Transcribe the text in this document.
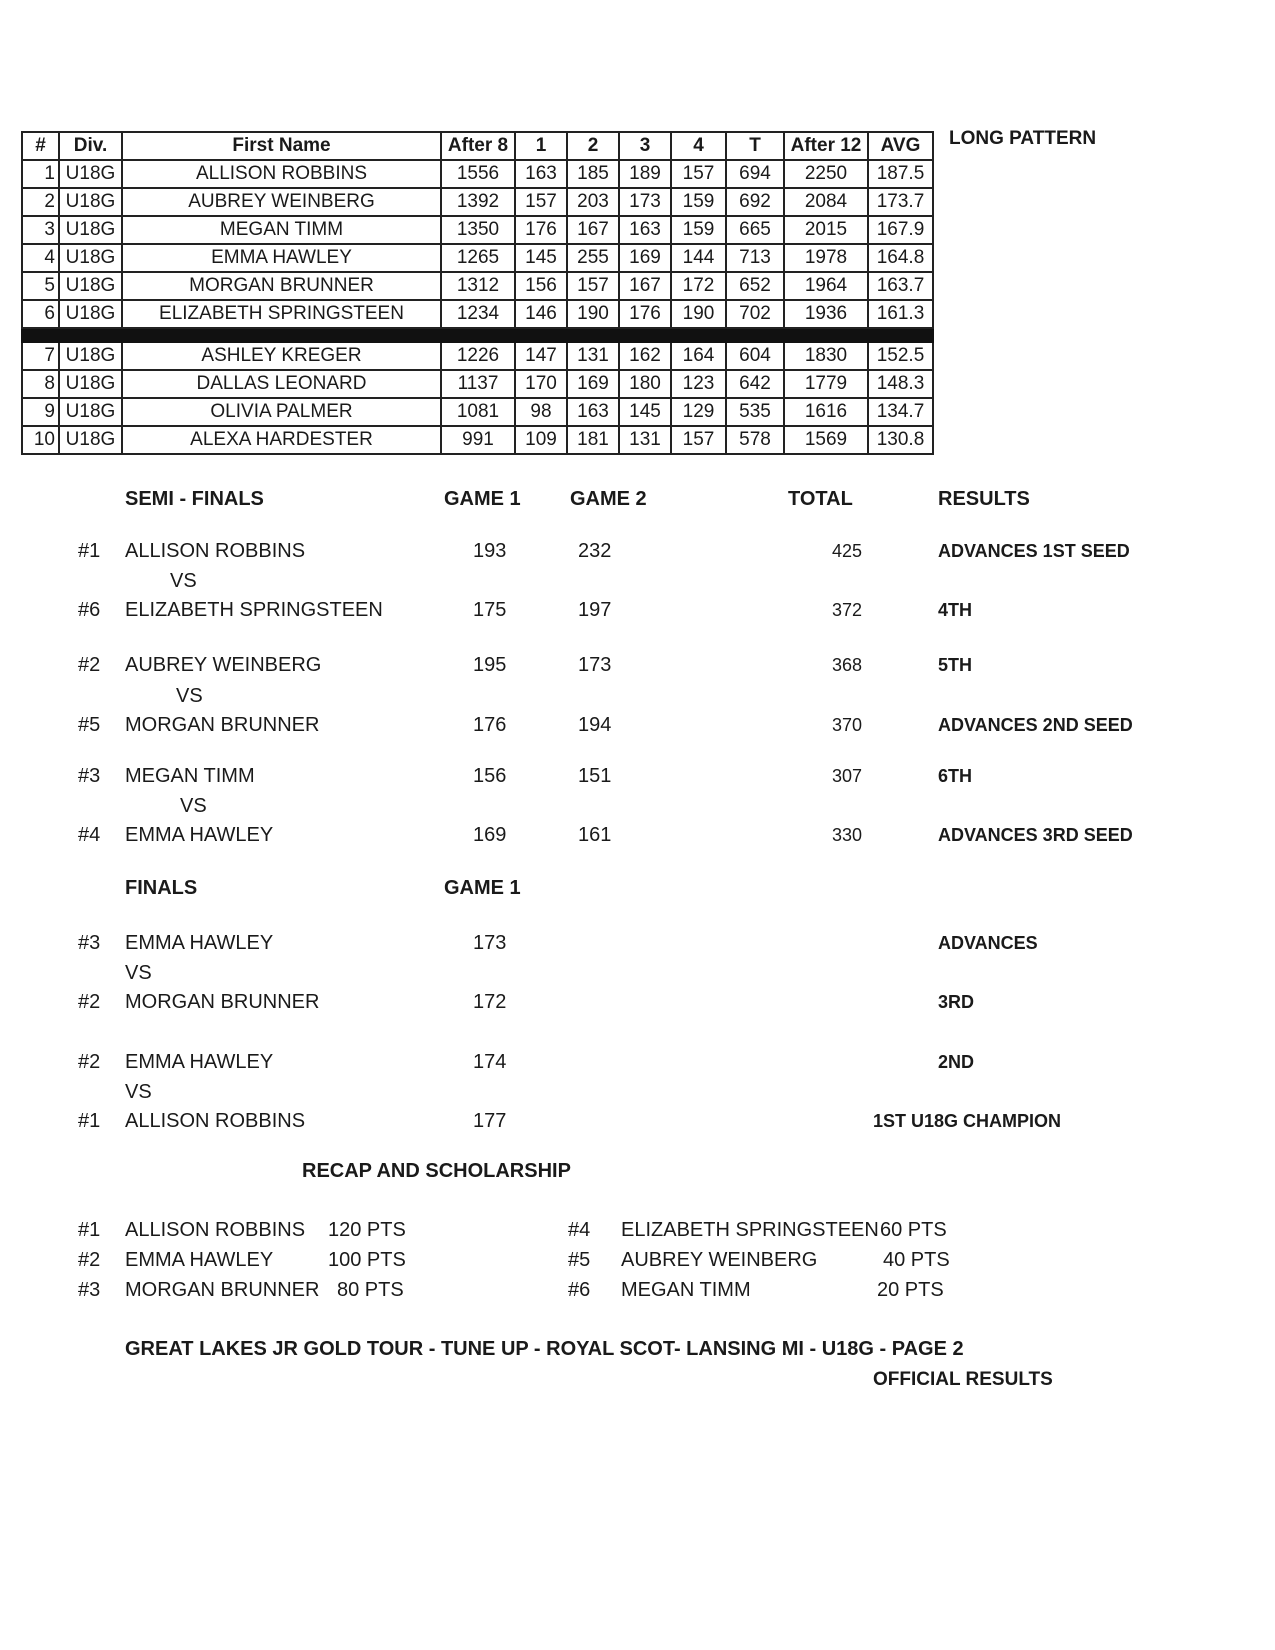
#	Div.	First Name	After 8	1	2	3	4	T	After 12	AVG
1	U18G	ALLISON ROBBINS	1556	163	185	189	157	694	2250	187.5
2	U18G	AUBREY WEINBERG	1392	157	203	173	159	692	2084	173.7
3	U18G	MEGAN TIMM	1350	176	167	163	159	665	2015	167.9
4	U18G	EMMA HAWLEY	1265	145	255	169	144	713	1978	164.8
5	U18G	MORGAN BRUNNER	1312	156	157	167	172	652	1964	163.7
6	U18G	ELIZABETH SPRINGSTEEN	1234	146	190	176	190	702	1936	161.3

7	U18G	ASHLEY KREGER	1226	147	131	162	164	604	1830	152.5
8	U18G	DALLAS LEONARD	1137	170	169	180	123	642	1779	148.3
9	U18G	OLIVIA PALMER	1081	98	163	145	129	535	1616	134.7
10	U18G	ALEXA HARDESTER	991	109	181	131	157	578	1569	130.8
LONG PATTERN
SEMI - FINALS	GAME 1 GAME 2	TOTAL	RESULTS
#1 ALLISON ROBBINS	193	232	425	ADVANCES 1ST SEED
VS
#6 ELIZABETH SPRINGSTEEN	175	197	372	4TH
#2 AUBREY WEINBERG	195	173	368	5TH
VS
#5 MORGAN BRUNNER	176	194	370	ADVANCES 2ND SEED
#3 MEGAN TIMM	156	151	307	6TH
VS
#4 EMMA HAWLEY	169	161	330	ADVANCES 3RD SEED
FINALS	GAME 1
#3 EMMA HAWLEY	173	ADVANCES
VS
#2 MORGAN BRUNNER	172	3RD
#2 EMMA HAWLEY	174	2ND
VS
#1 ALLISON ROBBINS	177	1ST U18G CHAMPION
RECAP AND SCHOLARSHIP
#1 ALLISON ROBBINS 120 PTS
#2 EMMA HAWLEY	100 PTS
#3 MORGAN BRUNNER 80 PTS
#4 ELIZABETH SPRINGSTEEN 60 PTS
#5 AUBREY WEINBERG	40 PTS
#6 MEGAN TIMM	20 PTS
GREAT LAKES JR GOLD TOUR - TUNE UP - ROYAL SCOT- LANSING MI - U18G - PAGE 2
OFFICIAL RESULTS
